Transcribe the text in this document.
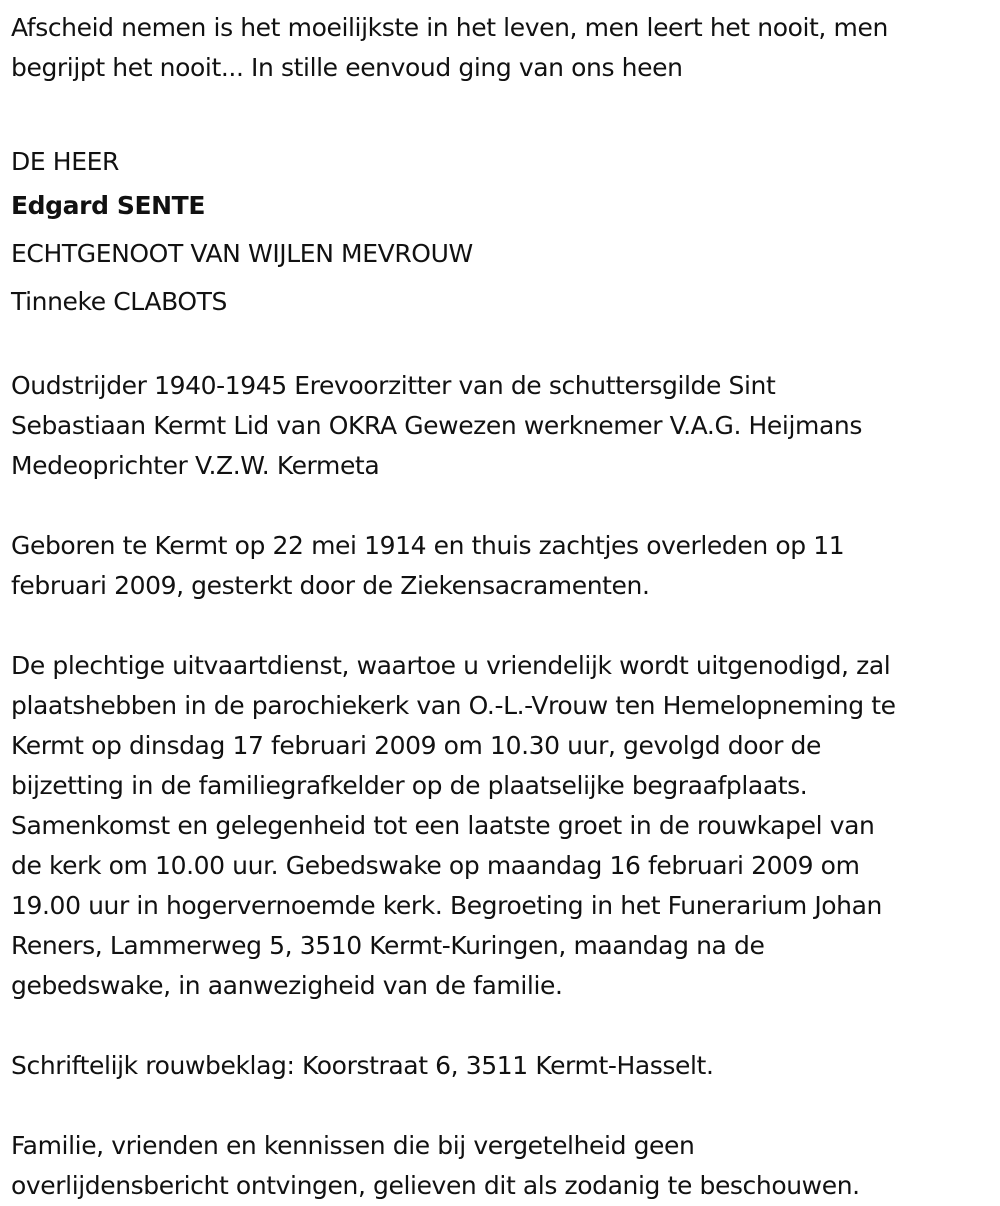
Afscheid nemen is het moeilijkste in het leven, men leert het nooit, men
begrijpt het nooit... In stille eenvoud ging van ons heen

DE HEER

Edgard SENTE

ECHTGENOOT VAN WIJLEN MEVROUW

Tinneke CLABOTS

Oudstrijder 1940-1945 Erevoorzitter van de schuttersgilde Sint
Sebastiaan Kermt Lid van OKRA Gewezen werknemer V.A.G. Heijmans
Medeoprichter V.Z.W. Kermeta

Geboren te Kermt op 22 mei 1914 en thuis zachtjes overleden op 11
februari 2009, gesterkt door de Ziekensacramenten.

De plechtige uitvaartdienst, waartoe u vriendelijk wordt uitgenodigd, zal
plaatshebben in de parochiekerk van O.-L.-Vrouw ten Hemelopneming te
Kermt op dinsdag 17 februari 2009 om 10.30 uur, gevolgd door de
bijzetting in de familiegrafkelder op de plaatselijke begraafplaats.
Samenkomst en gelegenheid tot een laatste groet in de rouwkapel van
de kerk om 10.00 uur. Gebedswake op maandag 16 februari 2009 om
19.00 uur in hogervernoemde kerk. Begroeting in het Funerarium Johan
Reners, Lammerweg 5, 3510 Kermt-Kuringen, maandag na de
gebedswake, in aanwezigheid van de familie.

Schriftelijk rouwbeklag: Koorstraat 6, 3511 Kermt-Hasselt.

Familie, vrienden en kennissen die bij vergetelheid geen
overlijdensbericht ontvingen, gelieven dit als zodanig te beschouwen.
